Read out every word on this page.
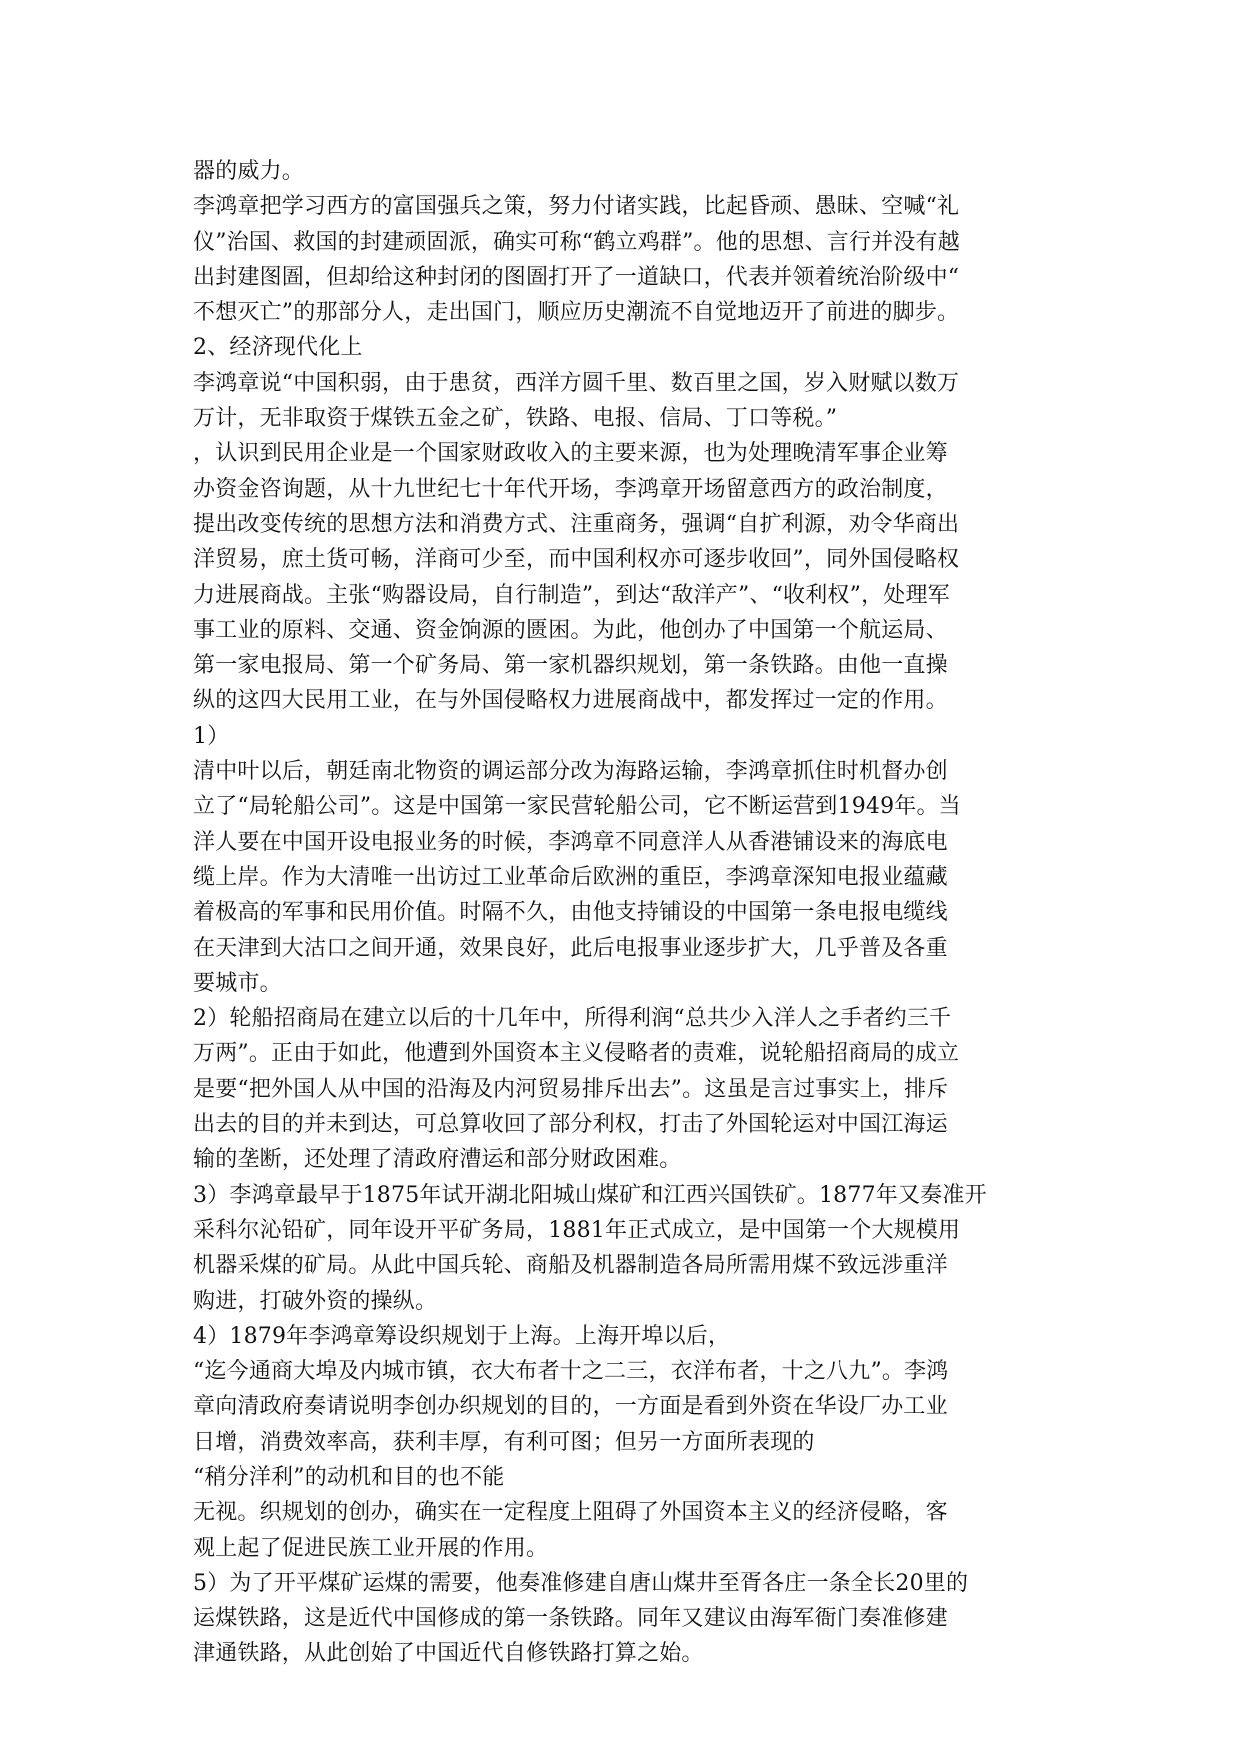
器的威力。
李鸿章把学习西方的富国强兵之策，努力付诸实践，比起昏顽、愚昧、空喊“礼
仪”治国、救国的封建顽固派，确实可称“鹤立鸡群”。他的思想、言行并没有越
出封建图圄，但却给这种封闭的图圄打开了一道缺口，代表并领着统治阶级中“
不想灭亡”的那部分人，走出国门，顺应历史潮流不自觉地迈开了前进的脚步。
2、经济现代化上
李鸿章说“中国积弱，由于患贫，西洋方圆千里、数百里之国，岁入财赋以数万
万计，无非取资于煤铁五金之矿，铁路、电报、信局、丁口等税。”
，认识到民用企业是一个国家财政收入的主要来源，也为处理晚清军事企业筹
办资金咨询题，从十九世纪七十年代开场，李鸿章开场留意西方的政治制度，
提出改变传统的思想方法和消费方式、注重商务，强调“自扩利源，劝令华商出
洋贸易，庶土货可畅，洋商可少至，而中国利权亦可逐步收回”，同外国侵略权
力进展商战。主张“购器设局，自行制造”，到达“敌洋产”、“收利权”，处理军
事工业的原料、交通、资金饷源的匮困。为此，他创办了中国第一个航运局、
第一家电报局、第一个矿务局、第一家机器织规划，第一条铁路。由他一直操
纵的这四大民用工业，在与外国侵略权力进展商战中，都发挥过一定的作用。
1）
清中叶以后，朝廷南北物资的调运部分改为海路运输，李鸿章抓住时机督办创
立了“局轮船公司”。这是中国第一家民营轮船公司，它不断运营到1949年。当
洋人要在中国开设电报业务的时候，李鸿章不同意洋人从香港铺设来的海底电
缆上岸。作为大清唯一出访过工业革命后欧洲的重臣，李鸿章深知电报业蕴藏
着极高的军事和民用价值。时隔不久，由他支持铺设的中国第一条电报电缆线
在天津到大沽口之间开通，效果良好，此后电报事业逐步扩大，几乎普及各重
要城市。
2）轮船招商局在建立以后的十几年中，所得利润“总共少入洋人之手者约三千
万两”。正由于如此，他遭到外国资本主义侵略者的责难，说轮船招商局的成立
是要“把外国人从中国的沿海及内河贸易排斥出去”。这虽是言过事实上，排斥
出去的目的并未到达，可总算收回了部分利权，打击了外国轮运对中国江海运
输的垄断，还处理了清政府漕运和部分财政困难。
3）李鸿章最早于1875年试开湖北阳城山煤矿和江西兴国铁矿。1877年又奏准开
采科尔沁铅矿，同年设开平矿务局，1881年正式成立，是中国第一个大规模用
机器采煤的矿局。从此中国兵轮、商船及机器制造各局所需用煤不致远涉重洋
购进，打破外资的操纵。
4）1879年李鸿章筹设织规划于上海。上海开埠以后，
“迄今通商大埠及内城市镇，衣大布者十之二三，衣洋布者，十之八九”。李鸿
章向清政府奏请说明李创办织规划的目的，一方面是看到外资在华设厂办工业
日增，消费效率高，获利丰厚，有利可图；但另一方面所表现的
“稍分洋利”的动机和目的也不能
无视。织规划的创办，确实在一定程度上阻碍了外国资本主义的经济侵略，客
观上起了促进民族工业开展的作用。
5）为了开平煤矿运煤的需要，他奏准修建自唐山煤井至胥各庄一条全长20里的
运煤铁路，这是近代中国修成的第一条铁路。同年又建议由海军衙门奏准修建
津通铁路，从此创始了中国近代自修铁路打算之始。
